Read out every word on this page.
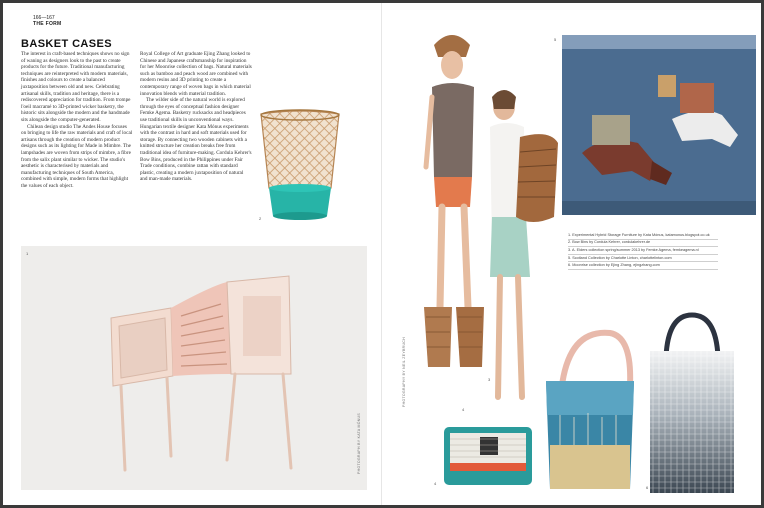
166—167
THE FORM
BASKET CASES

The interest in craft-based techniques shows no sign of waning as designers look to the past to create products for the future. Traditional manufacturing techniques are reinterpreted with modern materials, finishes and colours to create a balanced juxtaposition between old and new. Celebrating artisanal skills, tradition and heritage, there is a rediscovered appreciation for tradition. From trompe l'oeil macramé to 3D-printed wicker basketry, the historic sits alongside the modern and the handmade sits alongside the computer-generated.

Chilean design studio The Andes House focuses on bringing to life the raw materials and craft of local artisans through the creation of modern product designs such as its lighting for Made in Mimbre. The lampshades are woven from strips of mimbre, a fibre from the salix plant similar to wicker. The studio's aesthetic is characterised by materials and manufacturing techniques of South America, combined with simple, modern forms that highlight the values of each object.

Royal College of Art graduate Ejing Zhang looked to Chinese and Japanese craftsmanship for inspiration for her Moonrise collection of bags. Natural materials such as bamboo and peach wood are combined with modern resins and 3D printing to create a contemporary range of woven bags in which material innovation blends with material tradition.

The wilder side of the natural world is explored through the eyes of conceptual fashion designer Femke Agema. Basketry rucksacks and headpieces use traditional skills in unconventional ways. Hungarian textile designer Kata Mónus experiments with the contrast in hard and soft materials used for storage. By connecting two wooden cabinets with a knitted structure her creation breaks free from traditional idea of furniture-making. Cordula Kehrer's Bow Bins, produced in the Philippines under Fair Trade conditions, combine rattan with standard plastic, creating a modern juxtaposition of natural and man-made materials.

2
1
PHOTOGRAPH BY KATA MÓNUS
3
4
PHOTOGRAPHY BY NEIL ZEYBRUCH
5
1. Experimental Hybrid Storage Furniture by Kata Mónus, katamonus.blogspot.co.uk
2. Bow Bins by Cordula Kehrer, cordulakehrer.de
3. A. Elders collection spring/summer 2013 by Femke Agema, femkeagema.nl
5. Scotland Collection by Charlotte Linton, charlottelinton.com
6. Moonrise collection by Ejing Zhang, ejingzhang.com
4
6
